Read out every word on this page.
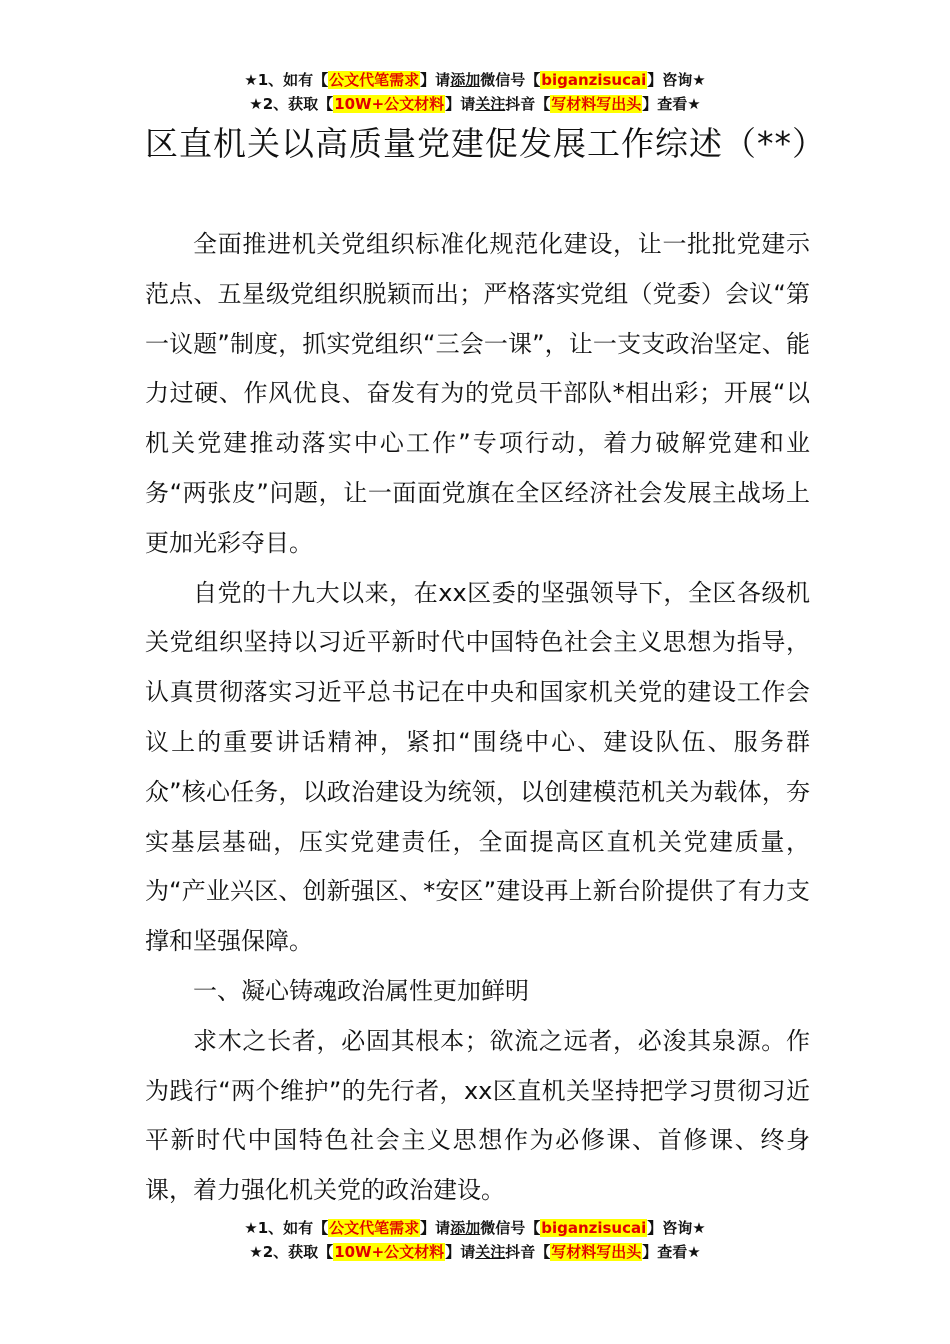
★1、如有【公文代笔需求】请添加微信号【biganzisucai】咨询★
★2、获取【10W+公文材料】请关注抖音【写材料写出头】查看★
区直机关以高质量党建促发展工作综述（**）

全面推进机关党组织标准化规范化建设，让一批批党建示范点、五星级党组织脱颖而出；严格落实党组（党委）会议“第一议题”制度，抓实党组织“三会一课”，让一支支政治坚定、能力过硬、作风优良、奋发有为的党员干部队*相出彩；开展“以机关党建推动落实中心工作”专项行动，着力破解党建和业务“两张皮”问题，让一面面党旗在全区经济社会发展主战场上更加光彩夺目。

自党的十九大以来，在xx区委的坚强领导下，全区各级机关党组织坚持以习近平新时代中国特色社会主义思想为指导，认真贯彻落实习近平总书记在中央和国家机关党的建设工作会议上的重要讲话精神，紧扣“围绕中心、建设队伍、服务群众”核心任务，以政治建设为统领，以创建模范机关为载体，夯实基层基础，压实党建责任，全面提高区直机关党建质量，为“产业兴区、创新强区、*安区”建设再上新台阶提供了有力支撑和坚强保障。

一、凝心铸魂政治属性更加鲜明

求木之长者，必固其根本；欲流之远者，必浚其泉源。作为践行“两个维护”的先行者，xx区直机关坚持把学习贯彻习近平新时代中国特色社会主义思想作为必修课、首修课、终身课，着力强化机关党的政治建设。

★1、如有【公文代笔需求】请添加微信号【biganzisucai】咨询★
★2、获取【10W+公文材料】请关注抖音【写材料写出头】查看★
